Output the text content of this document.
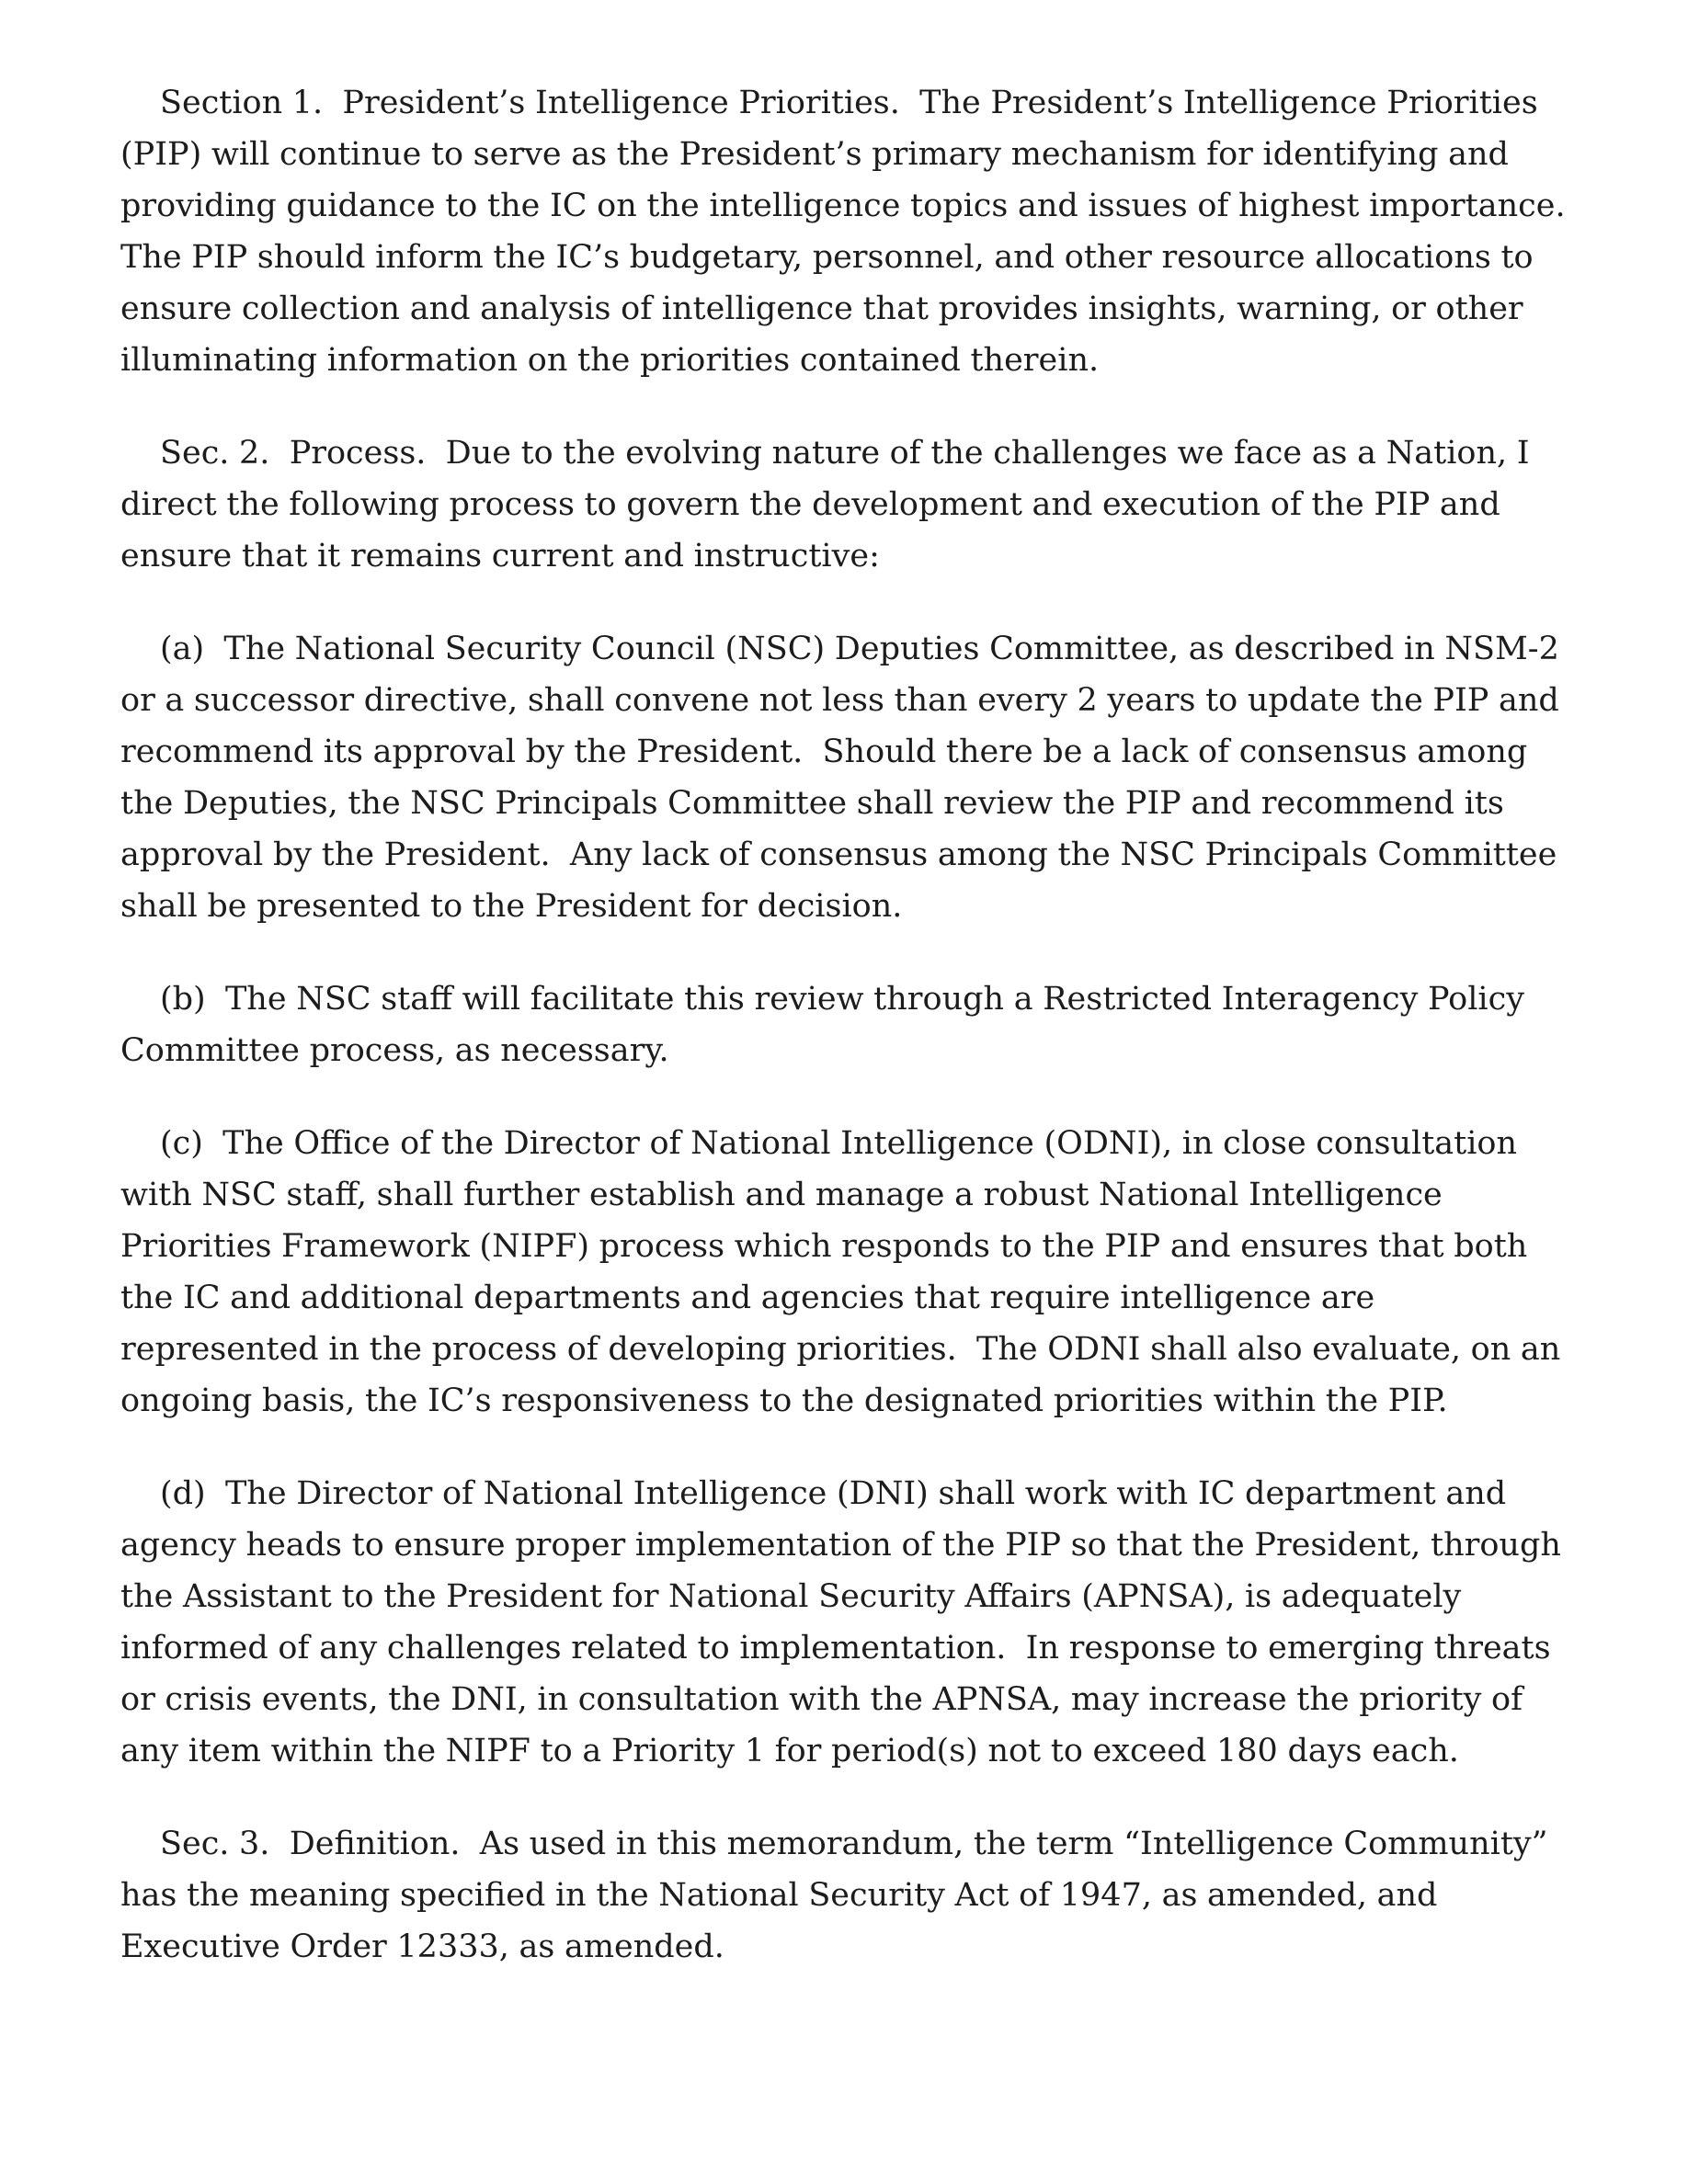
Section 1.  President’s Intelligence Priorities.  The President’s Intelligence Priorities (PIP) will continue to serve as the President’s primary mechanism for identifying and providing guidance to the IC on the intelligence topics and issues of highest importance.  The PIP should inform the IC’s budgetary, personnel, and other resource allocations to ensure collection and analysis of intelligence that provides insights, warning, or other illuminating information on the priorities contained therein.

Sec. 2.  Process.  Due to the evolving nature of the challenges we face as a Nation, I direct the following process to govern the development and execution of the PIP and ensure that it remains current and instructive:

(a)  The National Security Council (NSC) Deputies Committee, as described in NSM-2 or a successor directive, shall convene not less than every 2 years to update the PIP and recommend its approval by the President.  Should there be a lack of consensus among the Deputies, the NSC Principals Committee shall review the PIP and recommend its approval by the President.  Any lack of consensus among the NSC Principals Committee shall be presented to the President for decision.

(b)  The NSC staff will facilitate this review through a Restricted Interagency Policy Committee process, as necessary.

(c)  The Office of the Director of National Intelligence (ODNI), in close consultation with NSC staff, shall further establish and manage a robust National Intelligence Priorities Framework (NIPF) process which responds to the PIP and ensures that both the IC and additional departments and agencies that require intelligence are represented in the process of developing priorities.  The ODNI shall also evaluate, on an ongoing basis, the IC’s responsiveness to the designated priorities within the PIP.

(d)  The Director of National Intelligence (DNI) shall work with IC department and agency heads to ensure proper implementation of the PIP so that the President, through the Assistant to the President for National Security Affairs (APNSA), is adequately informed of any challenges related to implementation.  In response to emerging threats or crisis events, the DNI, in consultation with the APNSA, may increase the priority of any item within the NIPF to a Priority 1 for period(s) not to exceed 180 days each.

Sec. 3.  Definition.  As used in this memorandum, the term “Intelligence Community” has the meaning specified in the National Security Act of 1947, as amended, and Executive Order 12333, as amended.
